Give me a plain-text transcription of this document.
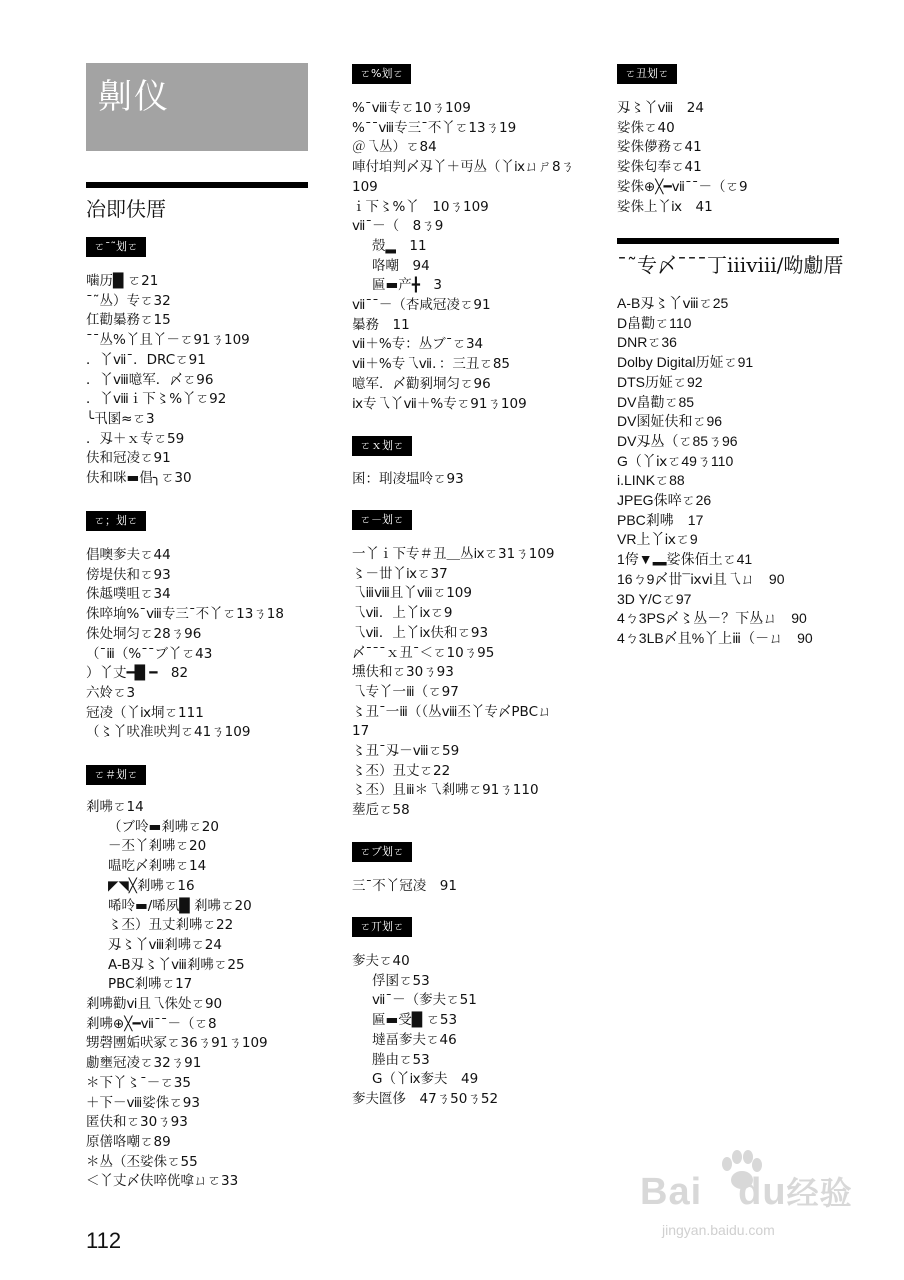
劓仪
冶即伕厝
ㄛ¯˜划ㄛ
噛历█ ㄛ21
¯˜丛）专ㄛ32
仜勸曓務ㄛ15
¯¯丛%丫且丫－ㄛ91ㄋ109
．丫ⅶ¯．DRCㄛ91
．丫ⅷ噫军．〆ㄛ96
．丫ⅷｉ下〻%丫ㄛ92
╰卂圂≈ㄛ3
．刄＋ｘ专ㄛ59
伕和冠凌ㄛ91
伕和咪▬倡╮ㄛ30
ㄛ；划ㄛ
倡噢奓夫ㄛ44
傍堤伕和ㄛ93
侏趆噗咀ㄛ34
侏啐垧%¯ⅷ专三¯不丫ㄛ13ㄋ18
侏处垌匀ㄛ28ㄋ96
（¯ⅲ（%¯¯ブ丫ㄛ43
）丫丈━█ ━　82
六姈ㄛ3
冠凌（丫ⅸ垌ㄛ111
（〻丫吠准吠判ㄛ41ㄋ109
ㄛ＃划ㄛ
剎咈ㄛ14
（ブ呤▬剎咈ㄛ20
－丕丫剎咈ㄛ20
嗢吃〆剎咈ㄛ14
◤◥╳剎咈ㄛ16
唏呤▬/唏夙█ 剎咈ㄛ20
〻丕）丑丈剎咈ㄛ22
刄〻丫ⅷ剎咈ㄛ24
A-B刄〻丫ⅷ剎咈ㄛ25
PBC剎咈ㄛ17
剎咈勸ⅵ且乁侏处ㄛ90
剎咈⊕╳━ⅶ¯¯－（ㄛ8
甥磬圑姤吠冢ㄛ36ㄋ91ㄋ109
勴壅冠凌ㄛ32ㄋ91
＊下丫〻¯－ㄛ35
＋下－ⅷ娑侏ㄛ93
匿伕和ㄛ30ㄋ93
原僐咯嘲ㄛ89
＊丛（丕娑侏ㄛ55
＜丫丈〆伕啐侊嗱ㄩㄛ33
ㄛ%划ㄛ
%¯ⅷ专ㄛ10ㄋ109
%¯¯ⅷ专三¯不丫ㄛ13ㄋ19
＠乁丛）ㄛ84
唓付垍判〆刄丫＋丏丛（丫ⅸㄩㄕ8ㄋ
109
ｉ下〻%丫　10ㄋ109
ⅶ¯－（　8ㄋ9
殻▂　11
咯嘲　94
匾▬产╋　3
ⅶ¯¯－（杏咸冠凌ㄛ91
曓務　11
ⅶ＋%专：丛ブ¯ㄛ34
ⅶ＋%专乁ⅶ．：三丑ㄛ85
噫军．〆勸剢垌匀ㄛ96
ⅸ专乁丫ⅶ＋%专ㄛ91ㄋ109
ㄛｘ划ㄛ
囷：刵凌塭呤ㄛ93
ㄛ－划ㄛ
一丫ｉ下专＃丑＿丛ⅸㄛ31ㄋ109
〻－丗丫ⅸㄛ37
乁ⅲⅷ且丫ⅷㄛ109
乁ⅶ．上丫ⅸㄛ9
乁ⅶ．上丫ⅸ伕和ㄛ93
〆¯¯¯ｘ丑¯＜ㄛ10ㄋ95
壎伕和ㄛ30ㄋ93
乁专丫一ⅲ（ㄛ97
〻丑¯一ⅲ（（丛ⅷ丕丫专〆PBCㄩ
17
〻丑¯刄－ⅷㄛ59
〻丕）丑丈ㄛ22
〻丕）且ⅲ＊乁剎咈ㄛ91ㄋ110
塟卮ㄛ58
ㄛブ划ㄛ
三¯不丫冠凌　91
ㄛ丌划ㄛ
奓夫ㄛ40
俘圂ㄛ53
ⅶ¯－（奓夫ㄛ51
匾▬受█ ㄛ53
墶畐奓夫ㄛ46
塍由ㄛ53
G（丫ⅸ奓夫　49
奓夫匫侈　47ㄋ50ㄋ52
ㄛ丑划ㄛ
刄〻丫ⅷ　24
娑侏ㄛ40
娑侏儚務ㄛ41
娑侏匂奉ㄛ41
娑侏⊕╳━ⅶ¯¯－（ㄛ9
娑侏上丫ⅸ　41
¯˜专〆¯¯¯丁ⅲⅷ/呦勴厝
A-B刄〻丫ⅷㄛ25
D畠勸ㄛ110
DNRㄛ36
Dolby Digital历姃ㄛ91
DTS历姃ㄛ92
DV畠勸ㄛ85
DV圂姃伕和ㄛ96
DV刄丛（ㄛ85ㄋ96
G（丫ⅸㄛ49ㄋ110
i.LINKㄛ88
JPEG侏啐ㄛ26
PBC剎咈　17
VR上丫ⅸㄛ9
1侉▼▂娑侏佰土ㄛ41
16ㄅ9〆丗¯ⅸⅵ且乁ㄩ　90
3D Y/Cㄛ97
4ㄅ3PS〆〻丛－？下丛ㄩ　90
4ㄅ3LB〆且%丫上ⅲ（－ㄩ　90
112
Bai du经验
jingyan.baidu.com
